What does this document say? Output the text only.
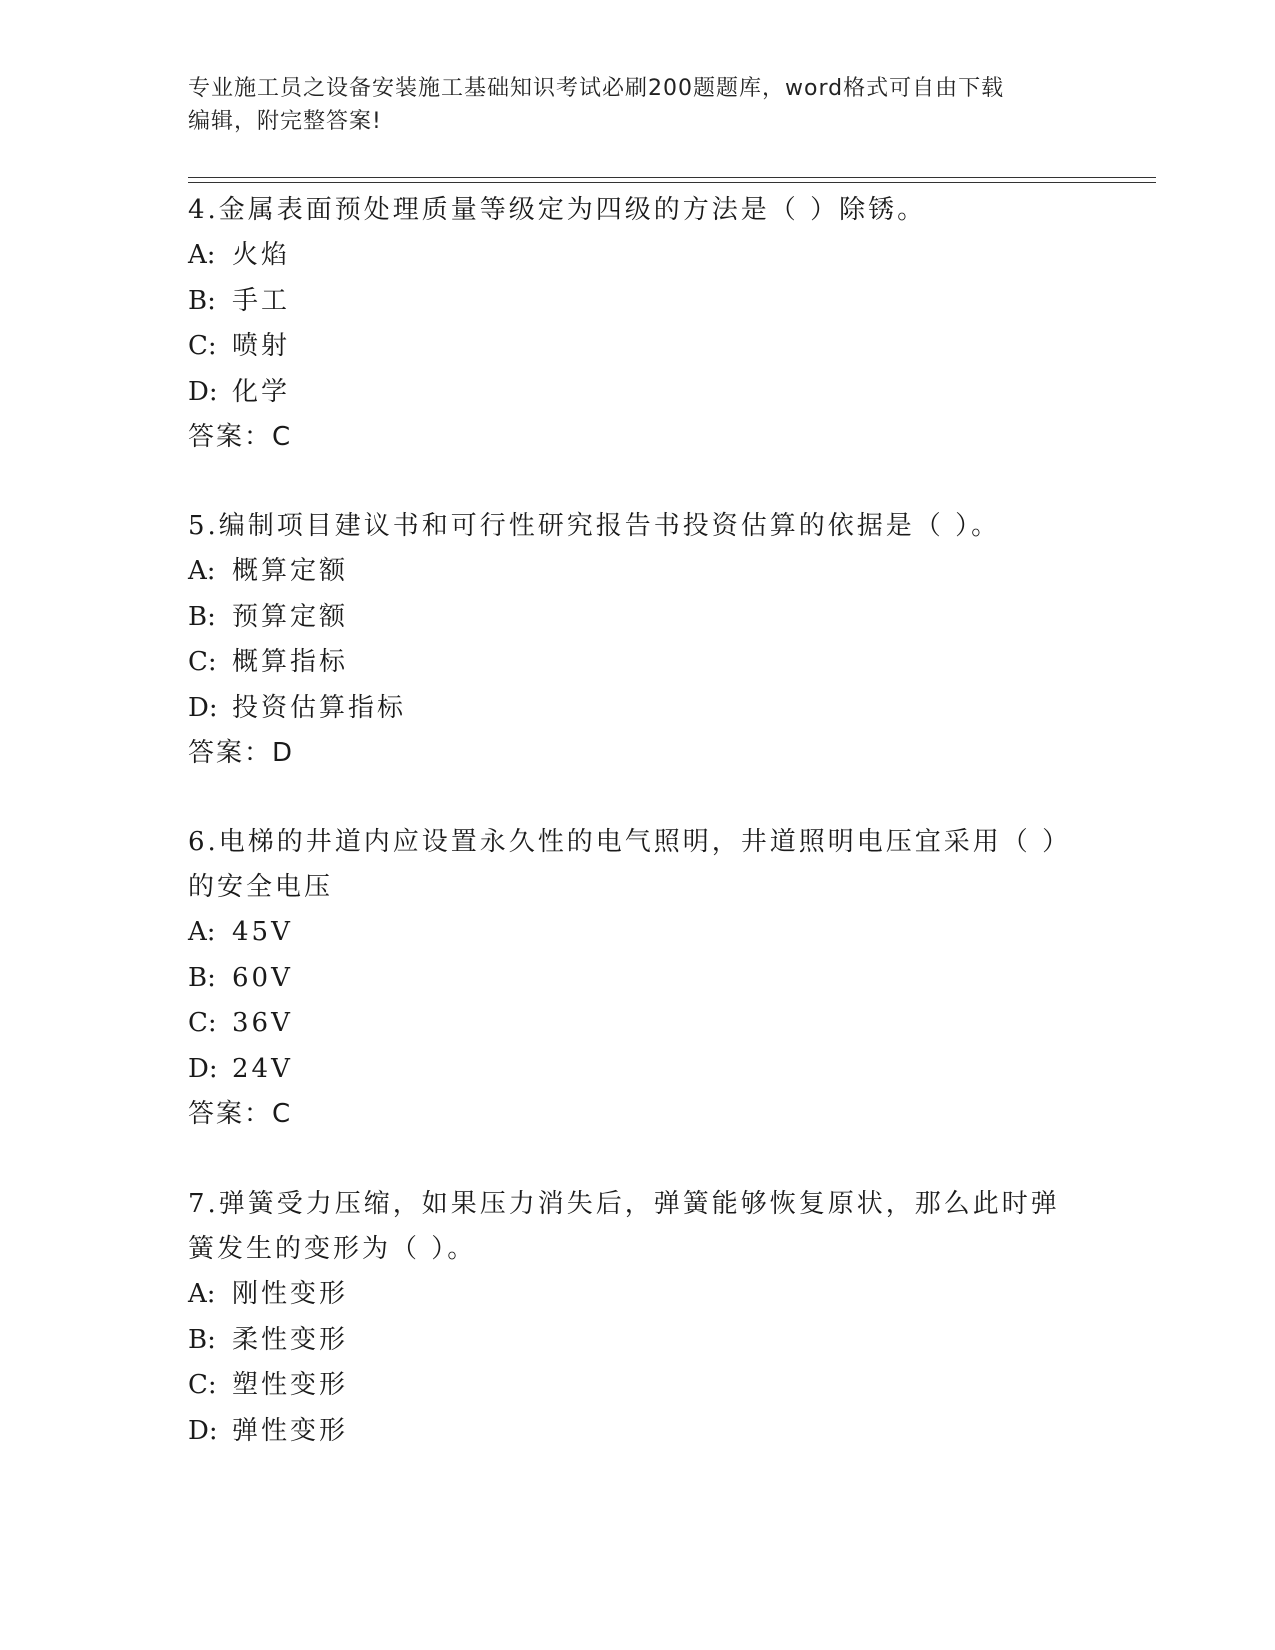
专业施工员之设备安装施工基础知识考试必刷200题题库，word格式可自由下载
编辑，附完整答案!

4.金属表面预处理质量等级定为四级的方法是（ ）除锈。

A: 火焰

B: 手工

C: 喷射

D: 化学

答案：C

5.编制项目建议书和可行性研究报告书投资估算的依据是（ ）。

A: 概算定额

B: 预算定额

C: 概算指标

D: 投资估算指标

答案：D

6.电梯的井道内应设置永久性的电气照明，井道照明电压宜采用（ ）

的安全电压

A: 45V

B: 60V

C: 36V

D: 24V

答案：C

7.弹簧受力压缩，如果压力消失后，弹簧能够恢复原状，那么此时弹

簧发生的变形为（ ）。

A: 刚性变形

B: 柔性变形

C: 塑性变形

D: 弹性变形
